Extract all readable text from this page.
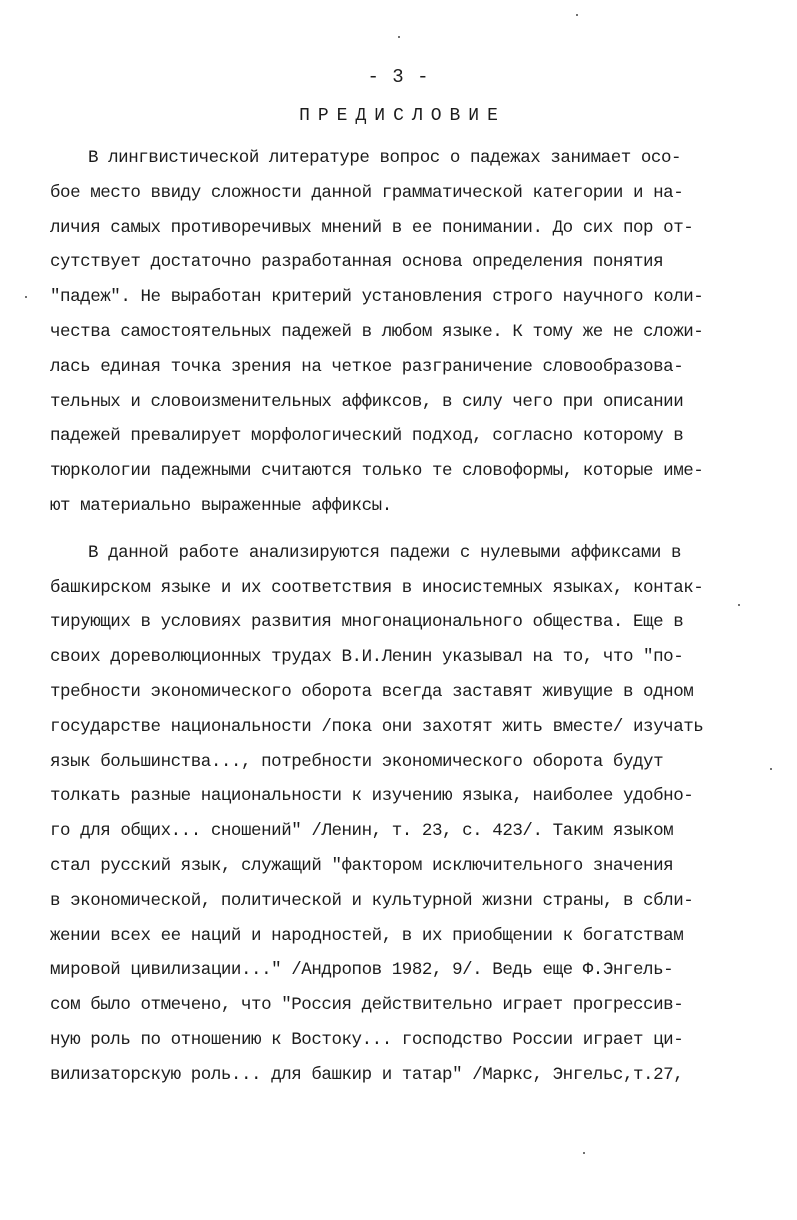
- 3 -
ПРЕДИСЛОВИЕ
В лингвистической литературе вопрос о падежах занимает осо-
бое место ввиду сложности данной грамматической категории и на-
личия самых противоречивых мнений в ее понимании. До сих пор от-
сутствует достаточно разработанная основа определения понятия
"падеж". Не выработан критерий установления строго научного коли-
чества самостоятельных падежей в любом языке. К тому же не сложи-
лась единая точка зрения на четкое разграничение словообразова-
тельных и словоизменительных аффиксов, в силу чего при описании
падежей превалирует морфологический подход, согласно которому в
тюркологии падежными считаются только те словоформы, которые име-
ют материально выраженные аффиксы.
В данной работе анализируются падежи с нулевыми аффиксами в
башкирском языке и их соответствия в иносистемных языках, контак-
тирующих в условиях развития многонационального общества. Еще в
своих дореволюционных трудах В.И.Ленин указывал на то, что "по-
требности экономического оборота всегда заставят живущие в одном
государстве национальности /пока они захотят жить вместе/ изучать
язык большинства..., потребности экономического оборота будут
толкать разные национальности к изучению языка, наиболее удобно-
го для общих... сношений" /Ленин, т. 23, с. 423/. Таким языком
стал русский язык, служащий "фактором исключительного значения
в экономической, политической и культурной жизни страны, в сбли-
жении всех ее наций и народностей, в их приобщении к богатствам
мировой цивилизации..." /Андропов 1982, 9/. Ведь еще Ф.Энгель-
сом было отмечено, что "Россия действительно играет прогрессив-
ную роль по отношению к Востоку... господство России играет ци-
вилизаторскую роль... для башкир и татар" /Маркс, Энгельс,т.27,
